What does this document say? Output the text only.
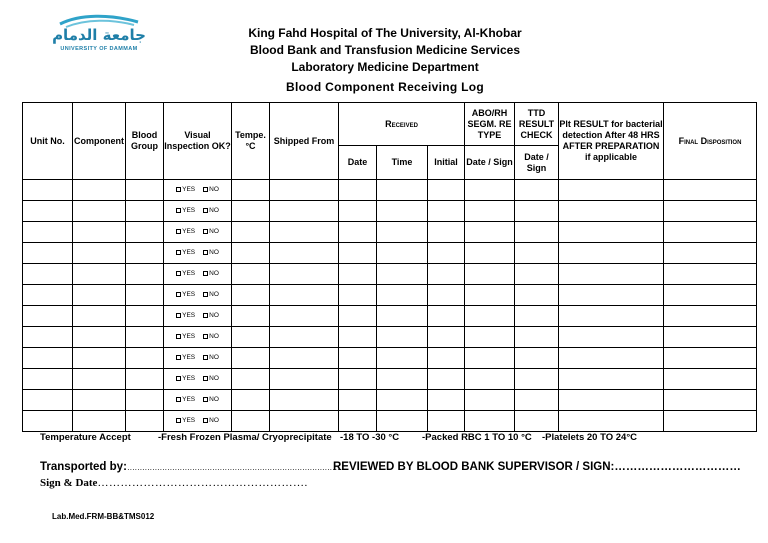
جامعة الدمام
UNIVERSITY OF DAMMAM
King Fahd Hospital of The University, Al-Khobar
Blood Bank and Transfusion Medicine Services
Laboratory Medicine Department
Blood Component Receiving Log
Unit No.	Component	Blood Group	Visual Inspection OK?	Tempe. °C	Shipped From	Received			ABO/RH SEGM. RE TYPE	TTD RESULT CHECK	Plt RESULT for bacterial detection After 48 HRS AFTER PREPARATION if applicable	Final Disposition
						Date	Time	Initial	Date / Sign	Date / Sign		
			YES NO									
			YES NO									
			YES NO									
			YES NO									
			YES NO									
			YES NO									
			YES NO									
			YES NO									
			YES NO									
			YES NO									
			YES NO									
			YES NO									
Temperature Accept	-Fresh Frozen Plasma/ Cryoprecipitate -18 TO -30 °C -Packed RBC 1 TO 10 °C -Platelets 20 TO 24°C
Transported by:……………………………………………………………………………
REVIEWED BY BLOOD BANK SUPERVISOR / SIGN:……………………………
Sign & Date……………………………………………….
Lab.Med.FRM-BB&TMS012
